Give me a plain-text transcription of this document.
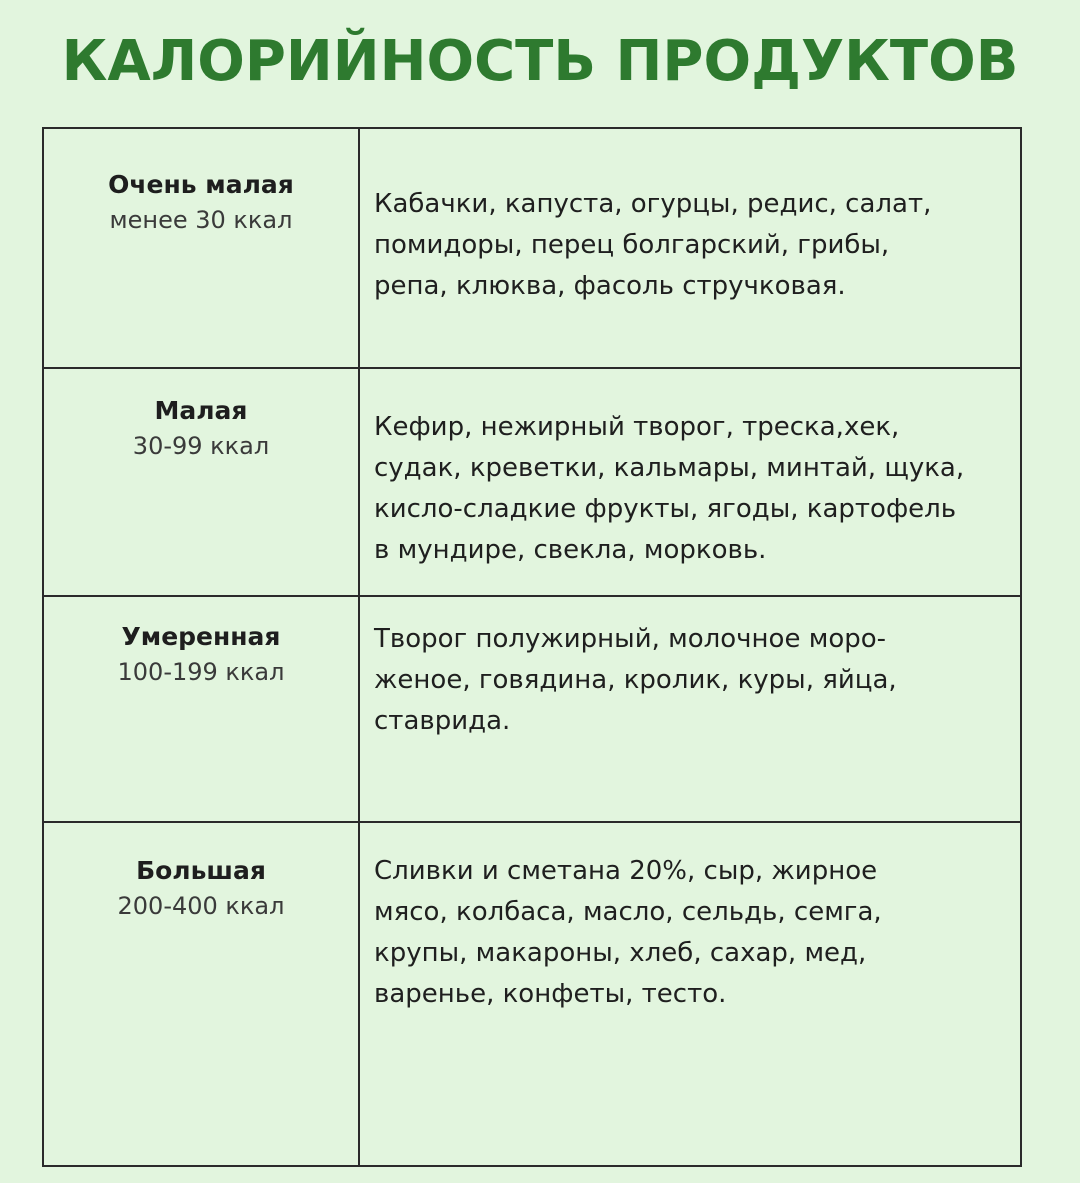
КАЛОРИЙНОСТЬ ПРОДУКТОВ
Очень малая
менее 30 ккал
Кабачки, капуста, огурцы, редис, салат,
помидоры, перец болгарский, грибы,
репа, клюква, фасоль стручковая.
Малая
30-99 ккал
Кефир, нежирный творог, треска,хек,
судак, креветки, кальмары, минтай, щука,
кисло-сладкие фрукты, ягоды, картофель
в мундире, свекла, морковь.
Умеренная
100-199 ккал
Творог полужирный, молочное моро-
женое, говядина, кролик, куры, яйца,
ставрида.
Большая
200-400 ккал
Сливки и сметана 20%, сыр, жирное
мясо, колбаса, масло, сельдь, семга,
крупы, макароны, хлеб, сахар, мед,
варенье, конфеты, тесто.
